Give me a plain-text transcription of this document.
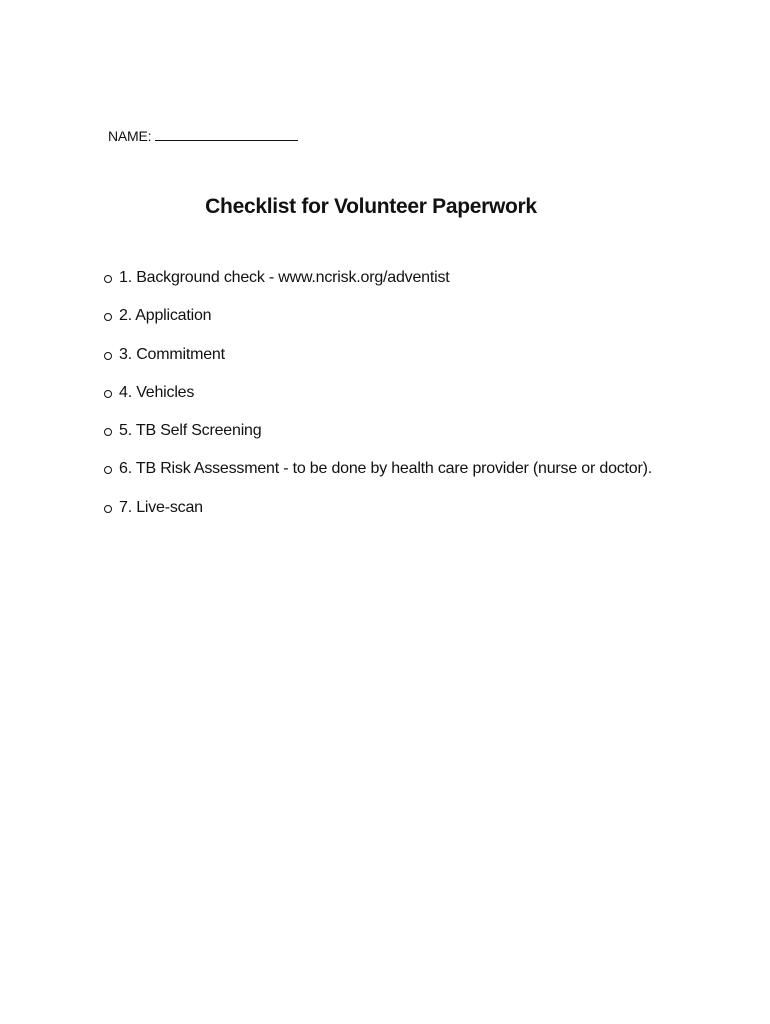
NAME:
Checklist for Volunteer Paperwork
1. Background check - www.ncrisk.org/adventist
2. Application
3. Commitment
4. Vehicles
5. TB Self Screening
6. TB Risk Assessment - to be done by health care provider (nurse or doctor).
7. Live-scan
